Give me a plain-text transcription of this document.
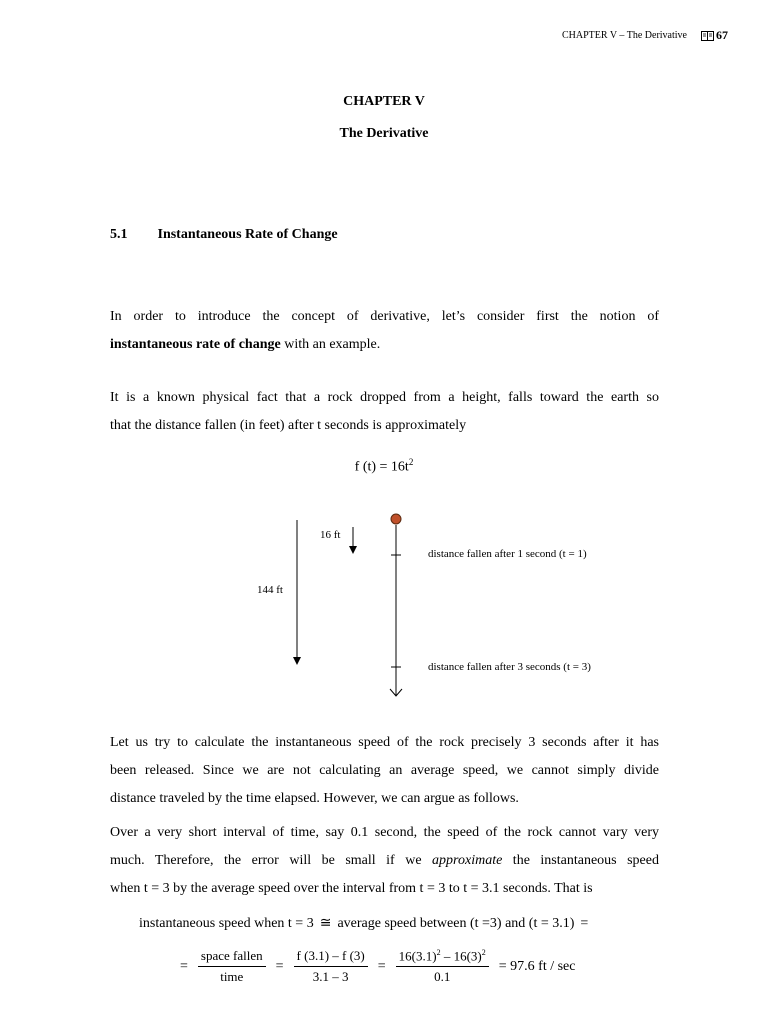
CHAPTER V – The Derivative 67
CHAPTER V
The Derivative
5.1 Instantaneous Rate of Change
In order to introduce the concept of derivative, let’s consider first the notion of
instantaneous rate of change with an example.
It is a known physical fact that a rock dropped from a height, falls toward the earth so
that the distance fallen (in feet) after t seconds is approximately
f $(t) = 16t^2$
16 ft
144 ft
distance fallen after 1 second (t = 1)
distance fallen after 3 seconds (t = 3)
Let us try to calculate the instantaneous speed of the rock precisely 3 seconds after it has
been released. Since we are not calculating an average speed, we cannot simply divide
distance traveled by the time elapsed. However, we can argue as follows.
Over a very short interval of time, say 0.1 second, the speed of the rock cannot vary very
much. Therefore, the error will be small if we approximate the instantaneous speed
when t = 3 by the average speed over the interval from t = 3 to t = 3.1 seconds. That is
instantaneous speed when t = 3 ≅ average speed between (t =3) and (t = 3.1) =
= $\frac{\text{space fallen}}{\text{time}} = \frac{f (3.1) - f (3)}{3.1 - 3} = \frac{16(3.1)^2 - 16(3)^2}{0.1} = 97.6$ ft / sec
